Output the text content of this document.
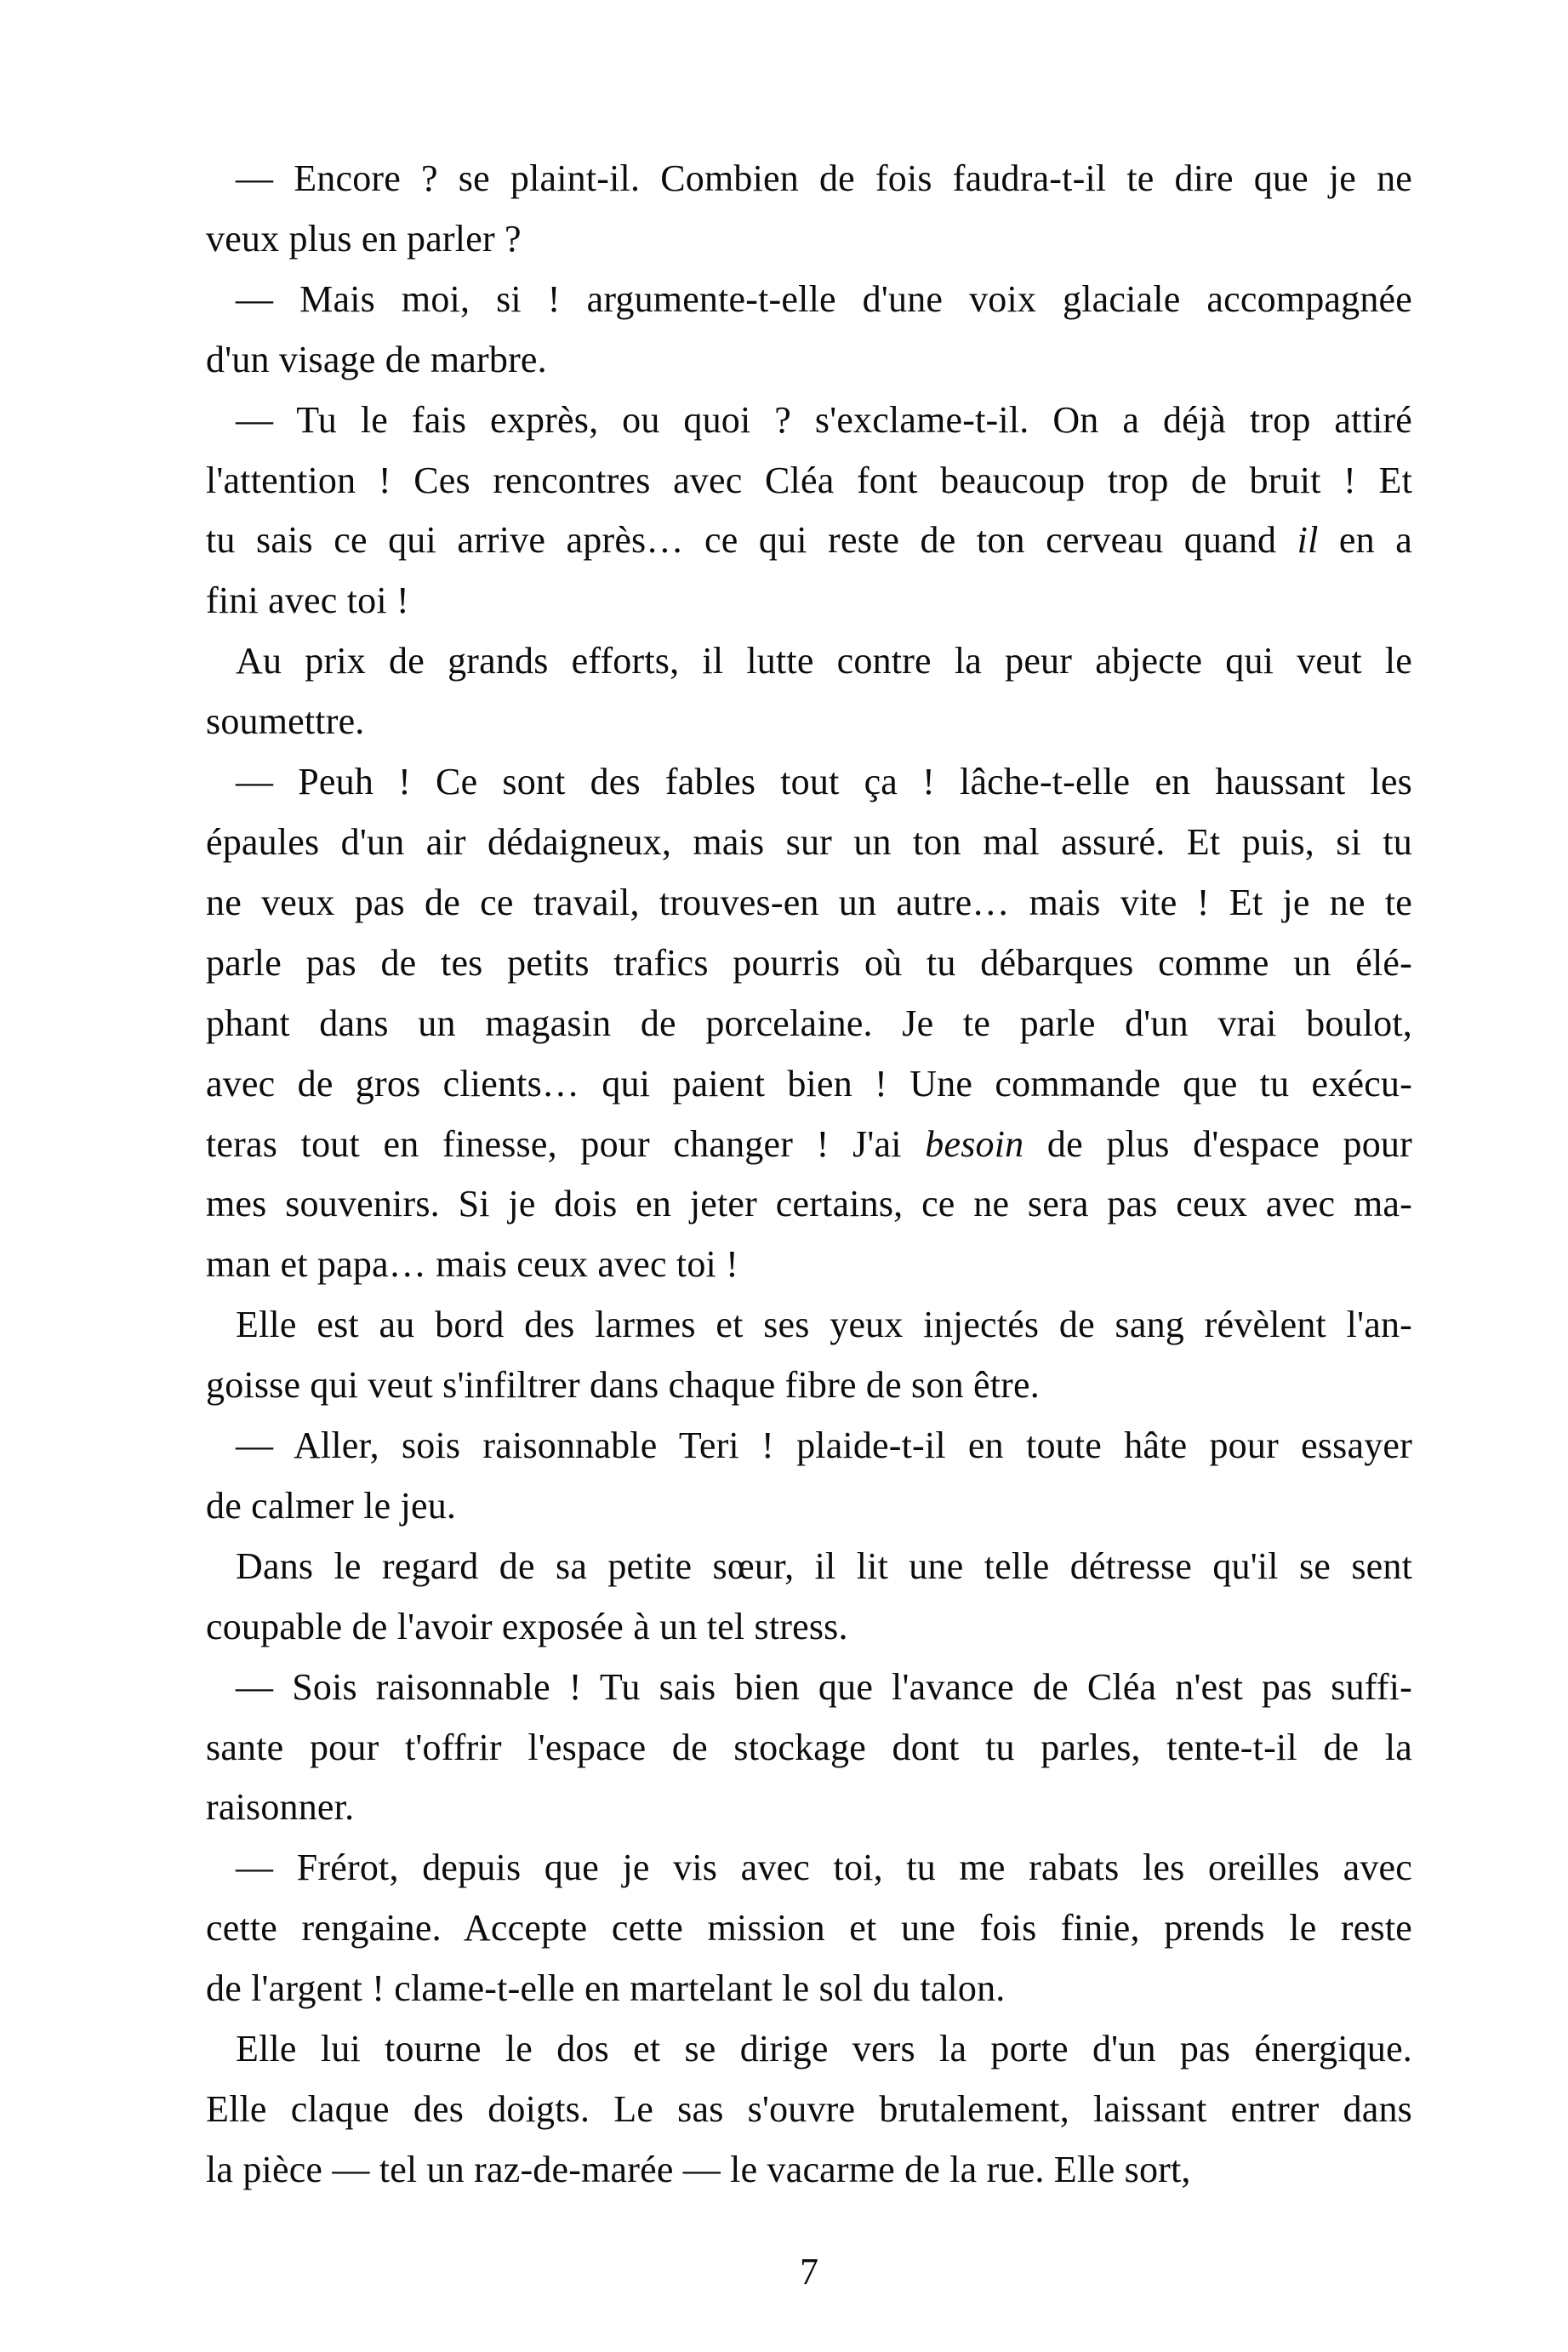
— Encore ? se plaint-il. Combien de fois faudra-t-il te dire que je ne
veux plus en parler ?

— Mais moi, si ! argumente-t-elle d'une voix glaciale accompagnée
d'un visage de marbre.

— Tu le fais exprès, ou quoi ? s'exclame-t-il. On a déjà trop attiré
l'attention ! Ces rencontres avec Cléa font beaucoup trop de bruit ! Et
tu sais ce qui arrive après… ce qui reste de ton cerveau quand il en a
fini avec toi !

Au prix de grands efforts, il lutte contre la peur abjecte qui veut le
soumettre.

— Peuh ! Ce sont des fables tout ça ! lâche-t-elle en haussant les
épaules d'un air dédaigneux, mais sur un ton mal assuré. Et puis, si tu
ne veux pas de ce travail, trouves-en un autre… mais vite ! Et je ne te
parle pas de tes petits trafics pourris où tu débarques comme un élé-
phant dans un magasin de porcelaine. Je te parle d'un vrai boulot,
avec de gros clients… qui paient bien ! Une commande que tu exécu-
teras tout en finesse, pour changer ! J'ai besoin de plus d'espace pour
mes souvenirs. Si je dois en jeter certains, ce ne sera pas ceux avec ma-
man et papa… mais ceux avec toi !

Elle est au bord des larmes et ses yeux injectés de sang révèlent l'an-
goisse qui veut s'infiltrer dans chaque fibre de son être.

— Aller, sois raisonnable Teri ! plaide-t-il en toute hâte pour essayer
de calmer le jeu.

Dans le regard de sa petite sœur, il lit une telle détresse qu'il se sent
coupable de l'avoir exposée à un tel stress.

— Sois raisonnable ! Tu sais bien que l'avance de Cléa n'est pas suffi-
sante pour t'offrir l'espace de stockage dont tu parles, tente-t-il de la
raisonner.

— Frérot, depuis que je vis avec toi, tu me rabats les oreilles avec
cette rengaine. Accepte cette mission et une fois finie, prends le reste
de l'argent ! clame-t-elle en martelant le sol du talon.

Elle lui tourne le dos et se dirige vers la porte d'un pas énergique.
Elle claque des doigts. Le sas s'ouvre brutalement, laissant entrer dans
la pièce — tel un raz-de-marée — le vacarme de la rue. Elle sort,

7
